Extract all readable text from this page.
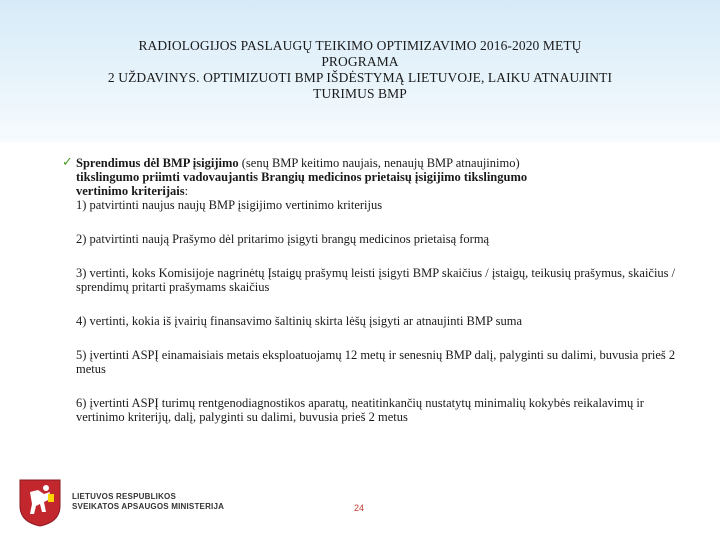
RADIOLOGIJOS PASLAUGŲ TEIKIMO OPTIMIZAVIMO 2016-2020 METŲ
PROGRAMA
2 UŽDAVINYS. OPTIMIZUOTI BMP IŠDĖSTYMĄ LIETUVOJE, LAIKU ATNAUJINTI
TURIMUS BMP
✓ Sprendimus dėl BMP įsigijimo (senų BMP keitimo naujais, nenaujų BMP atnaujinimo)
tikslingumo priimti vadovaujantis Brangių medicinos prietaisų įsigijimo tikslingumo
vertinimo kriterijais:
1) patvirtinti naujus naujų BMP įsigijimo vertinimo kriterijus
2) patvirtinti naują Prašymo dėl pritarimo įsigyti brangų medicinos prietaisą formą
3) vertinti, koks Komisijoje nagrinėtų Įstaigų prašymų leisti įsigyti BMP skaičius / įstaigų, teikusių prašymus, skaičius / sprendimų pritarti prašymams skaičius
4) vertinti, kokia iš įvairių finansavimo šaltinių skirta lėšų įsigyti ar atnaujinti BMP suma
5) įvertinti ASPĮ einamaisiais metais eksploatuojamų 12 metų ir senesnių BMP dalį, palyginti su dalimi, buvusia prieš 2 metus
6) įvertinti ASPĮ turimų rentgenodiagnostikos aparatų, neatitinkančių nustatytų minimalių kokybės reikalavimų ir vertinimo kriterijų, dalį, palyginti su dalimi, buvusia prieš 2 metus
LIETUVOS RESPUBLIKOS
SVEIKATOS APSAUGOS MINISTERIJA	24
